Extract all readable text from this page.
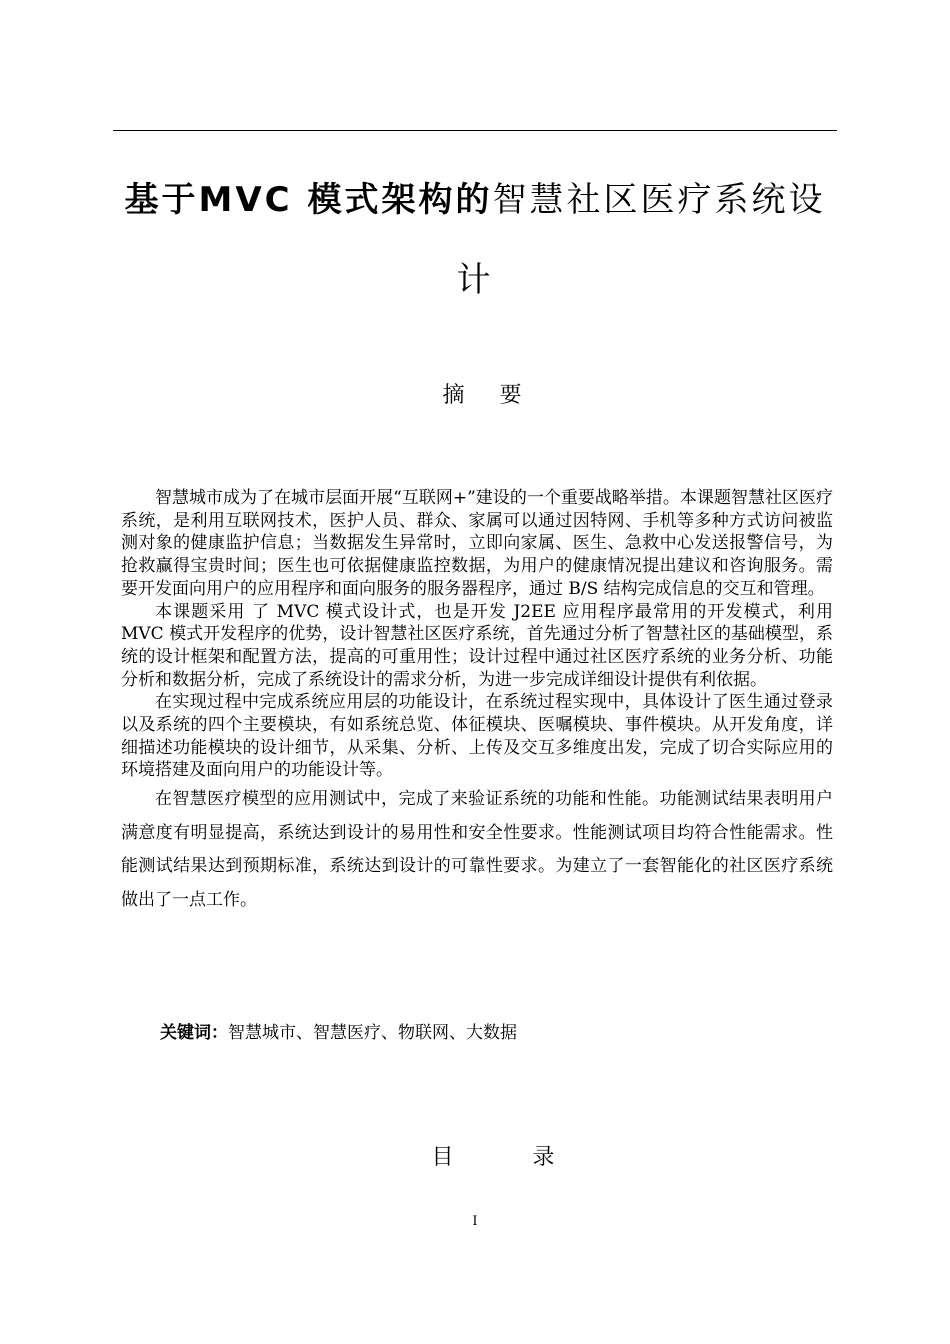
基于MVC 模式架构的智慧社区医疗系统设
计
摘 要

智慧城市成为了在城市层面开展“互联网+”建设的一个重要战略举措。本课题智慧社区医疗系统，是利用互联网技术，医护人员、群众、家属可以通过因特网、手机等多种方式访问被监测对象的健康监护信息；当数据发生异常时，立即向家属、医生、急救中心发送报警信号，为抢救赢得宝贵时间；医生也可依据健康监控数据，为用户的健康情况提出建议和咨询服务。需要开发面向用户的应用程序和面向服务的服务器程序，通过 B/S 结构完成信息的交互和管理。

本课题采用 了 MVC 模式设计式，也是开发 J2EE 应用程序最常用的开发模式，利用 MVC 模式开发程序的优势，设计智慧社区医疗系统，首先通过分析了智慧社区的基础模型，系统的设计框架和配置方法，提高的可重用性；设计过程中通过社区医疗系统的业务分析、功能分析和数据分析，完成了系统设计的需求分析，为进一步完成详细设计提供有利依据。

在实现过程中完成系统应用层的功能设计，在系统过程实现中，具体设计了医生通过登录以及系统的四个主要模块，有如系统总览、体征模块、医嘱模块、事件模块。从开发角度，详细描述功能模块的设计细节，从采集、分析、上传及交互多维度出发，完成了切合实际应用的环境搭建及面向用户的功能设计等。

在智慧医疗模型的应用测试中，完成了来验证系统的功能和性能。功能测试结果表明用户满意度有明显提高，系统达到设计的易用性和安全性要求。性能测试项目均符合性能需求。性能测试结果达到预期标准，系统达到设计的可靠性要求。为建立了一套智能化的社区医疗系统做出了一点工作。

关键词：智慧城市、智慧医疗、物联网、大数据
目 录
I
